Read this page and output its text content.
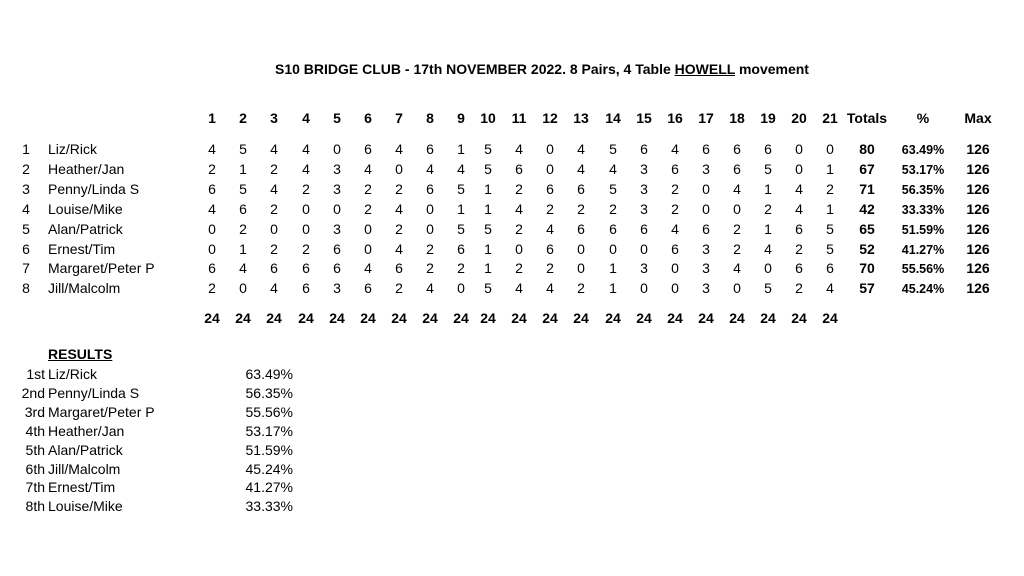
S10 BRIDGE CLUB - 17th NOVEMBER 2022. 8 Pairs, 4 Table HOWELL movement
1	2	3	4	5	6	7	8	9	10	11	12	13	14	15	16	17	18	19	20	21 Totals	%	Max
1 Liz/Rick	4	5	4	4	0	6	4	6	1	5	4	0	4	5	6	4	6	6	6	0	0	80	63.49%	126
2 Heather/Jan	2	1	2	4	3	4	0	4	4	5	6	0	4	4	3	6	3	6	5	0	1	67	53.17%	126
3 Penny/Linda S	6	5	4	2	3	2	2	6	5	1	2	6	6	5	3	2	0	4	1	4	2	71	56.35%	126
4 Louise/Mike	4	6	2	0	0	2	4	0	1	1	4	2	2	2	3	2	0	0	2	4	1	42	33.33%	126
5 Alan/Patrick	0	2	0	0	3	0	2	0	5	5	2	4	6	6	6	4	6	2	1	6	5	65	51.59%	126
6 Ernest/Tim	0	1	2	2	6	0	4	2	6	1	0	6	0	0	0	6	3	2	4	2	5	52	41.27%	126
7 Margaret/Peter P	6	4	6	6	6	4	6	2	2	1	2	2	0	1	3	0	3	4	0	6	6	70	55.56%	126
8 Jill/Malcolm	2	0	4	6	3	6	2	4	0	5	4	4	2	1	0	0	3	0	5	2	4	57	45.24%	126
24	24	24	24	24	24	24	24	24 24	24	24	24	24	24	24	24	24	24	24	24
RESULTS
1st Liz/Rick	63.49%
2nd Penny/Linda S	56.35%
3rd Margaret/Peter P	55.56%
4th Heather/Jan	53.17%
5th Alan/Patrick	51.59%
6th Jill/Malcolm	45.24%
7th Ernest/Tim	41.27%
8th Louise/Mike	33.33%
